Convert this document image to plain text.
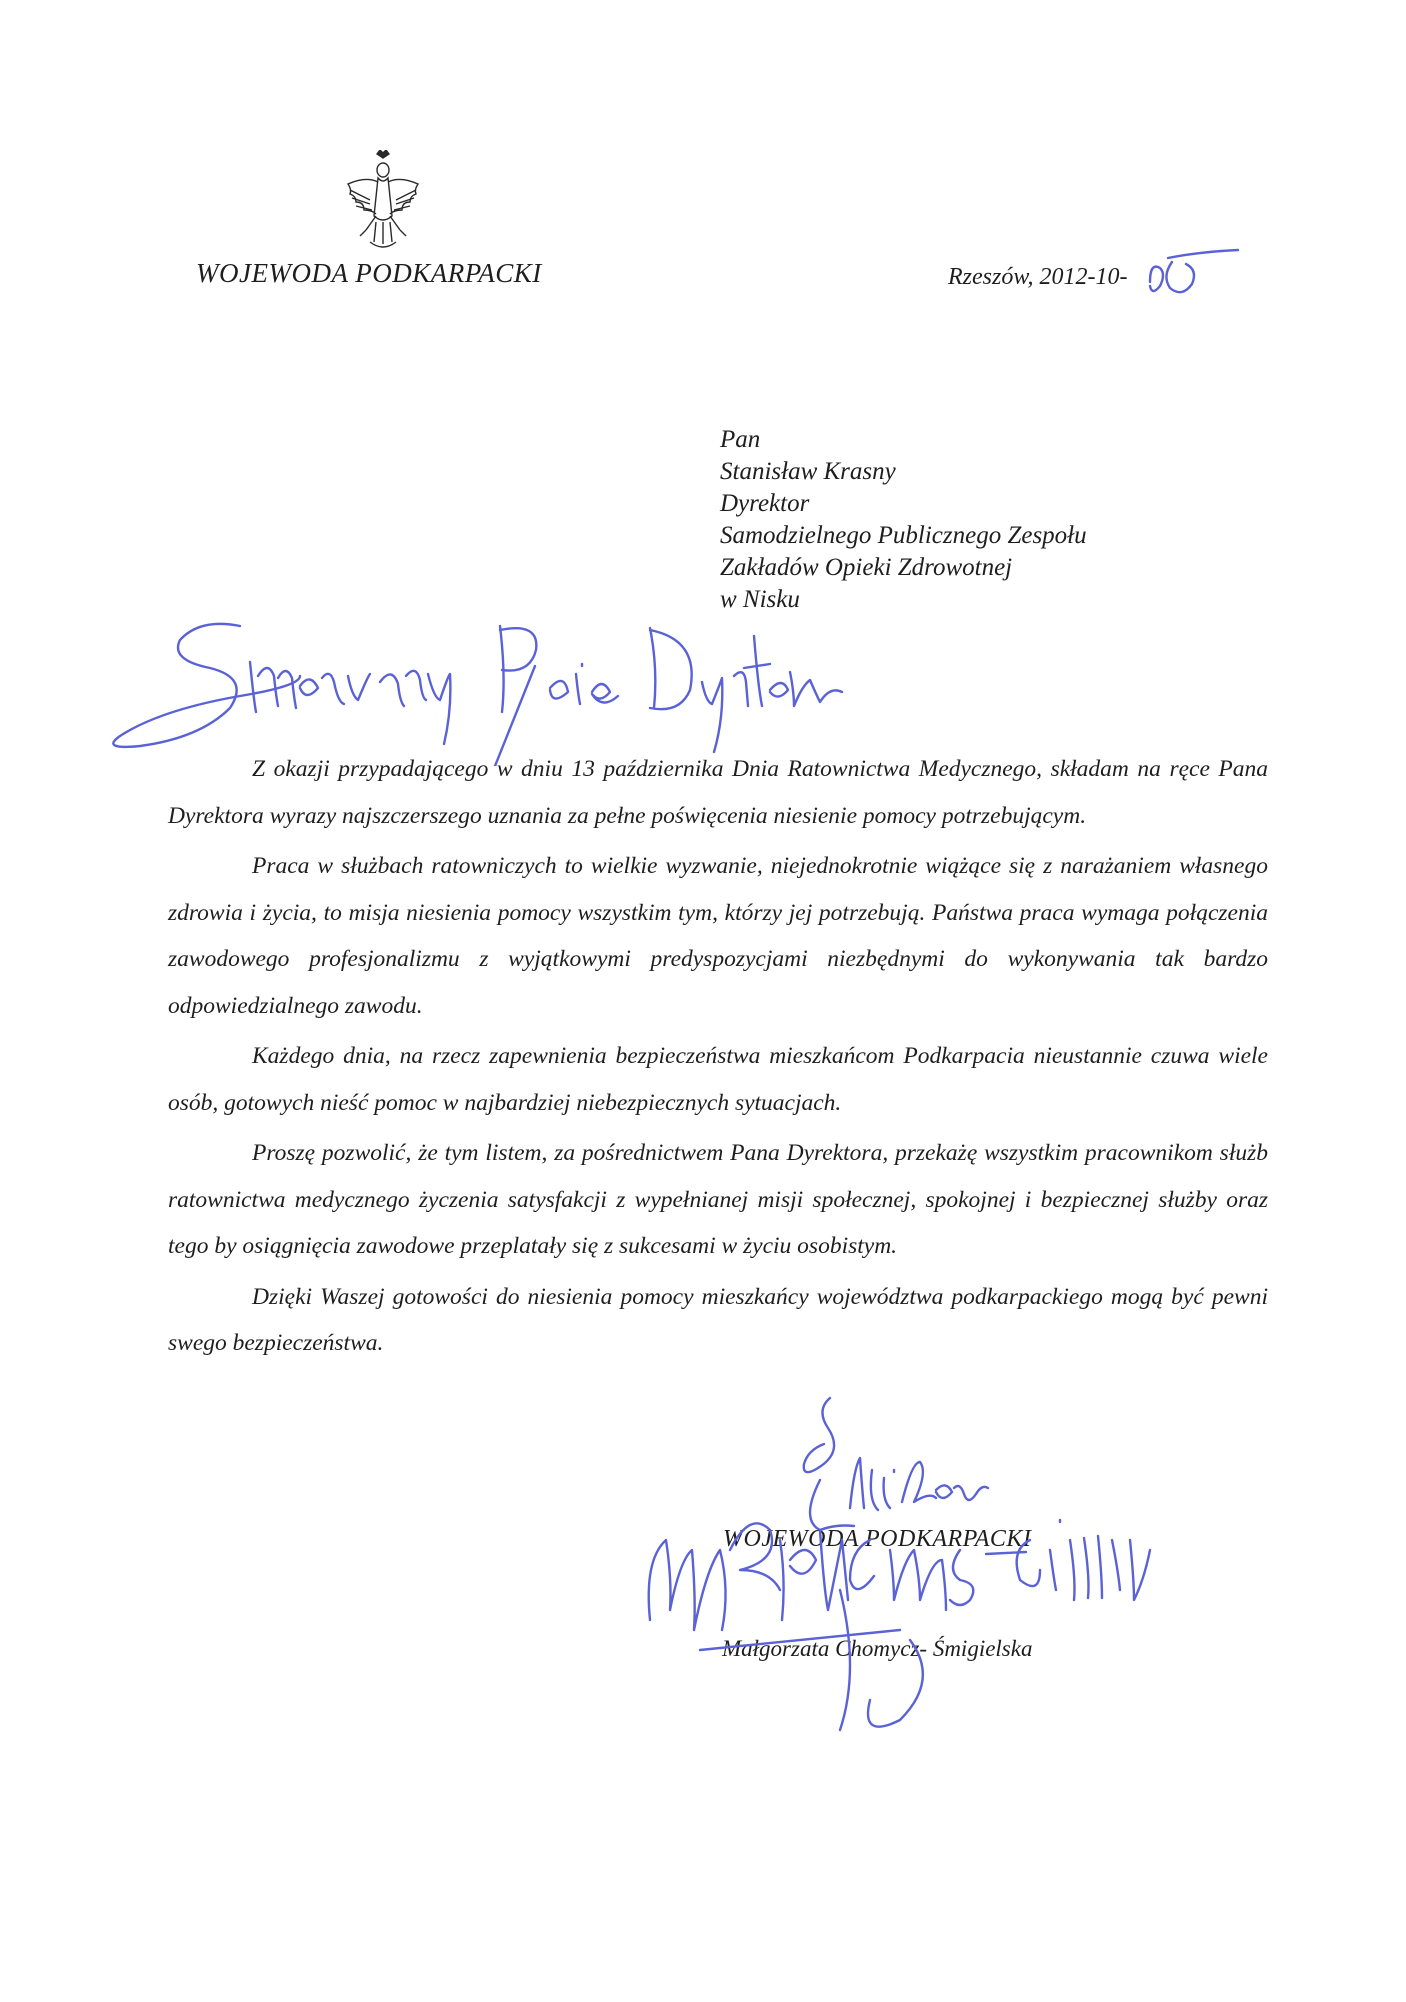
WOJEWODA PODKARPACKI	Rzeszów, 2012-10-
Pan
Stanisław Krasny
Dyrektor
Samodzielnego Publicznego Zespołu
Zakładów Opieki Zdrowotnej
w Nisku

Z okazji przypadającego w dniu 13 października Dnia Ratownictwa Medycznego, składam na ręce Pana Dyrektora wyrazy najszczerszego uznania za pełne poświęcenia niesienie pomocy potrzebującym.

Praca w służbach ratowniczych to wielkie wyzwanie, niejednokrotnie wiążące się z narażaniem własnego zdrowia i życia, to misja niesienia pomocy wszystkim tym, którzy jej potrzebują. Państwa praca wymaga połączenia zawodowego profesjonalizmu z wyjątkowymi predyspozycjami niezbędnymi do wykonywania tak bardzo odpowiedzialnego zawodu.

Każdego dnia, na rzecz zapewnienia bezpieczeństwa mieszkańcom Podkarpacia nieustannie czuwa wiele osób, gotowych nieść pomoc w najbardziej niebezpiecznych sytuacjach.

Proszę pozwolić, że tym listem, za pośrednictwem Pana Dyrektora, przekażę wszystkim pracownikom służb ratownictwa medycznego życzenia satysfakcji z wypełnianej misji społecznej, spokojnej i bezpiecznej służby oraz tego by osiągnięcia zawodowe przeplatały się z sukcesami w życiu osobistym.

Dzięki Waszej gotowości do niesienia pomocy mieszkańcy województwa podkarpackiego mogą być pewni swego bezpieczeństwa.

WOJEWODA PODKARPACKI
Małgorzata Chomycz- Śmigielska
